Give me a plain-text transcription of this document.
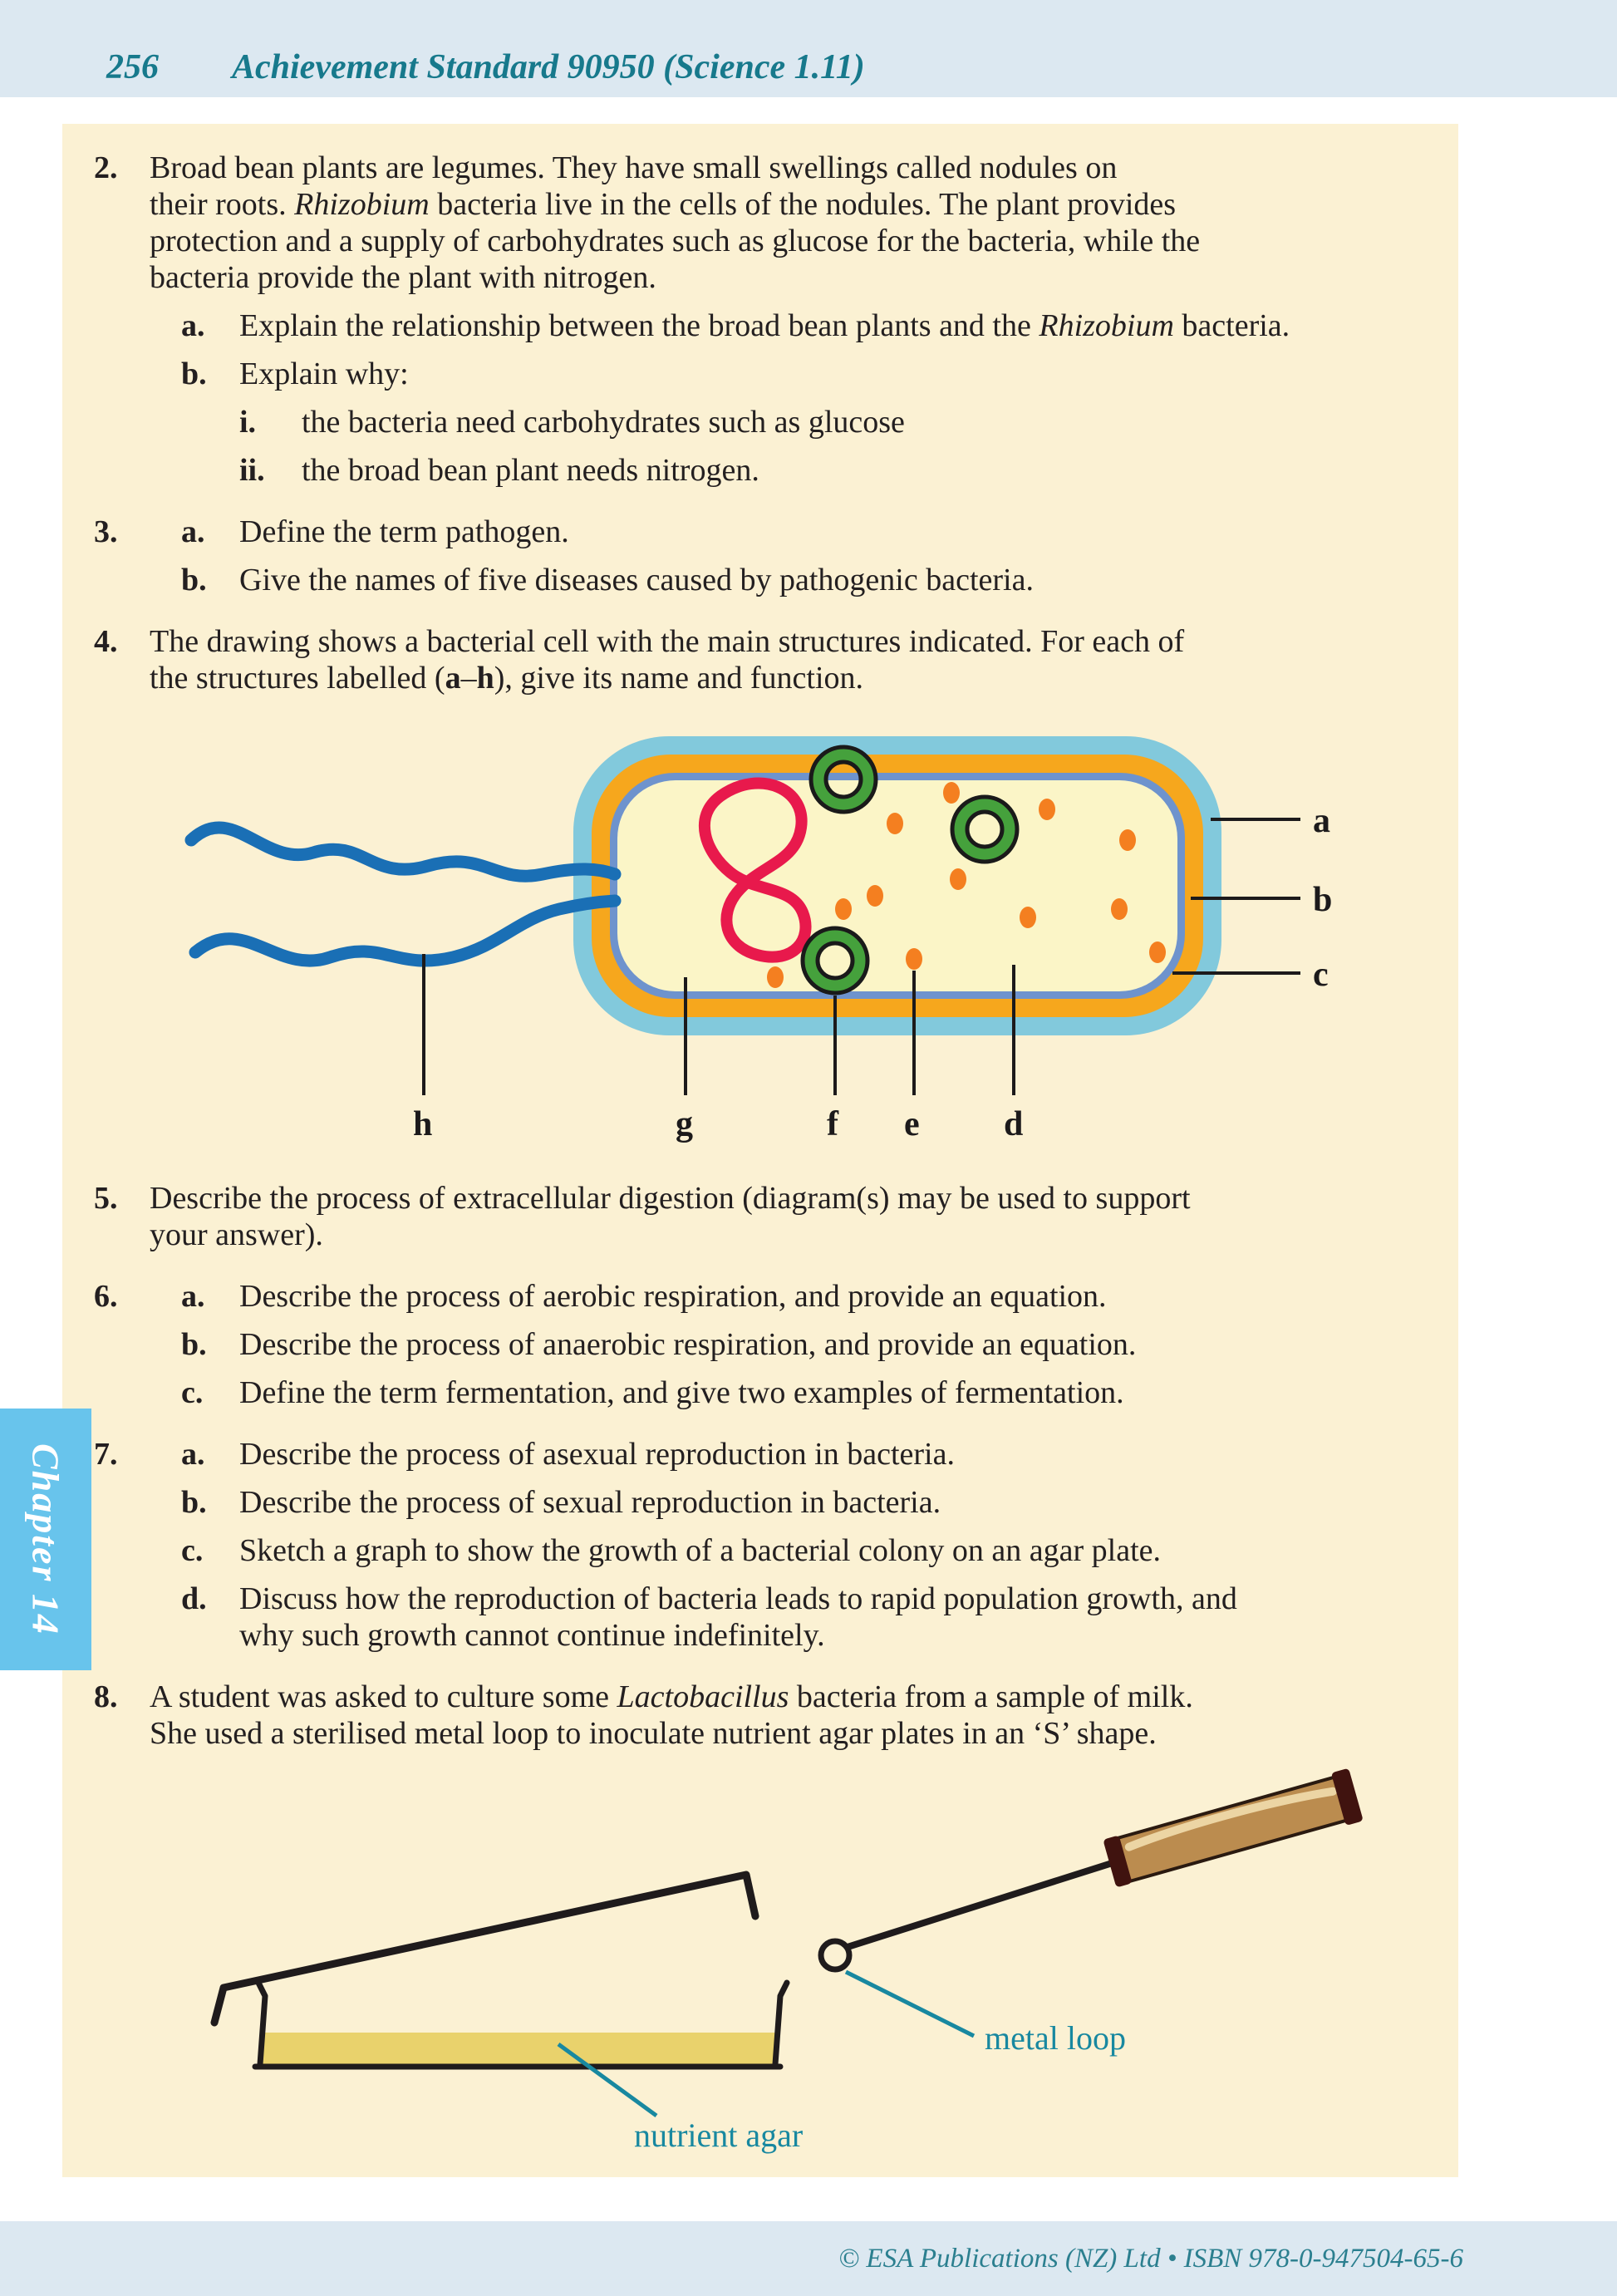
256 Achievement Standard 90950 (Science 1.11)
2.	Broad bean plants are legumes. They have small swellings called nodules on
their roots. Rhizobium bacteria live in the cells of the nodules. The plant provides
protection and a supply of carbohydrates such as glucose for the bacteria, while the
bacteria provide the plant with nitrogen.
a.	Explain the relationship between the broad bean plants and the Rhizobium bacteria.
b.	Explain why:
i.	the bacteria need carbohydrates such as glucose
ii.	the broad bean plant needs nitrogen.
3.	a.	Define the term pathogen.
b.	Give the names of five diseases caused by pathogenic bacteria.
4.	The drawing shows a bacterial cell with the main structures indicated. For each of
the structures labelled (a–h), give its name and function.
a
b
c
h	g	f e d
5.	Describe the process of extracellular digestion (diagram(s) may be used to support
your answer).
6.	a.	Describe the process of aerobic respiration, and provide an equation.
b.	Describe the process of anaerobic respiration, and provide an equation.
c.	Define the term fermentation, and give two examples of fermentation.
7.	a.	Describe the process of asexual reproduction in bacteria.
b.	Describe the process of sexual reproduction in bacteria.
c.	Sketch a graph to show the growth of a bacterial colony on an agar plate.
d.	Discuss how the reproduction of bacteria leads to rapid population growth, and
why such growth cannot continue indefinitely.
8.	A student was asked to culture some Lactobacillus bacteria from a sample of milk.
She used a sterilised metal loop to inoculate nutrient agar plates in an ‘S’ shape.
metal loop
nutrient agar
Chapter 14
© ESA Publications (NZ) Ltd • ISBN 978-0-947504-65-6
